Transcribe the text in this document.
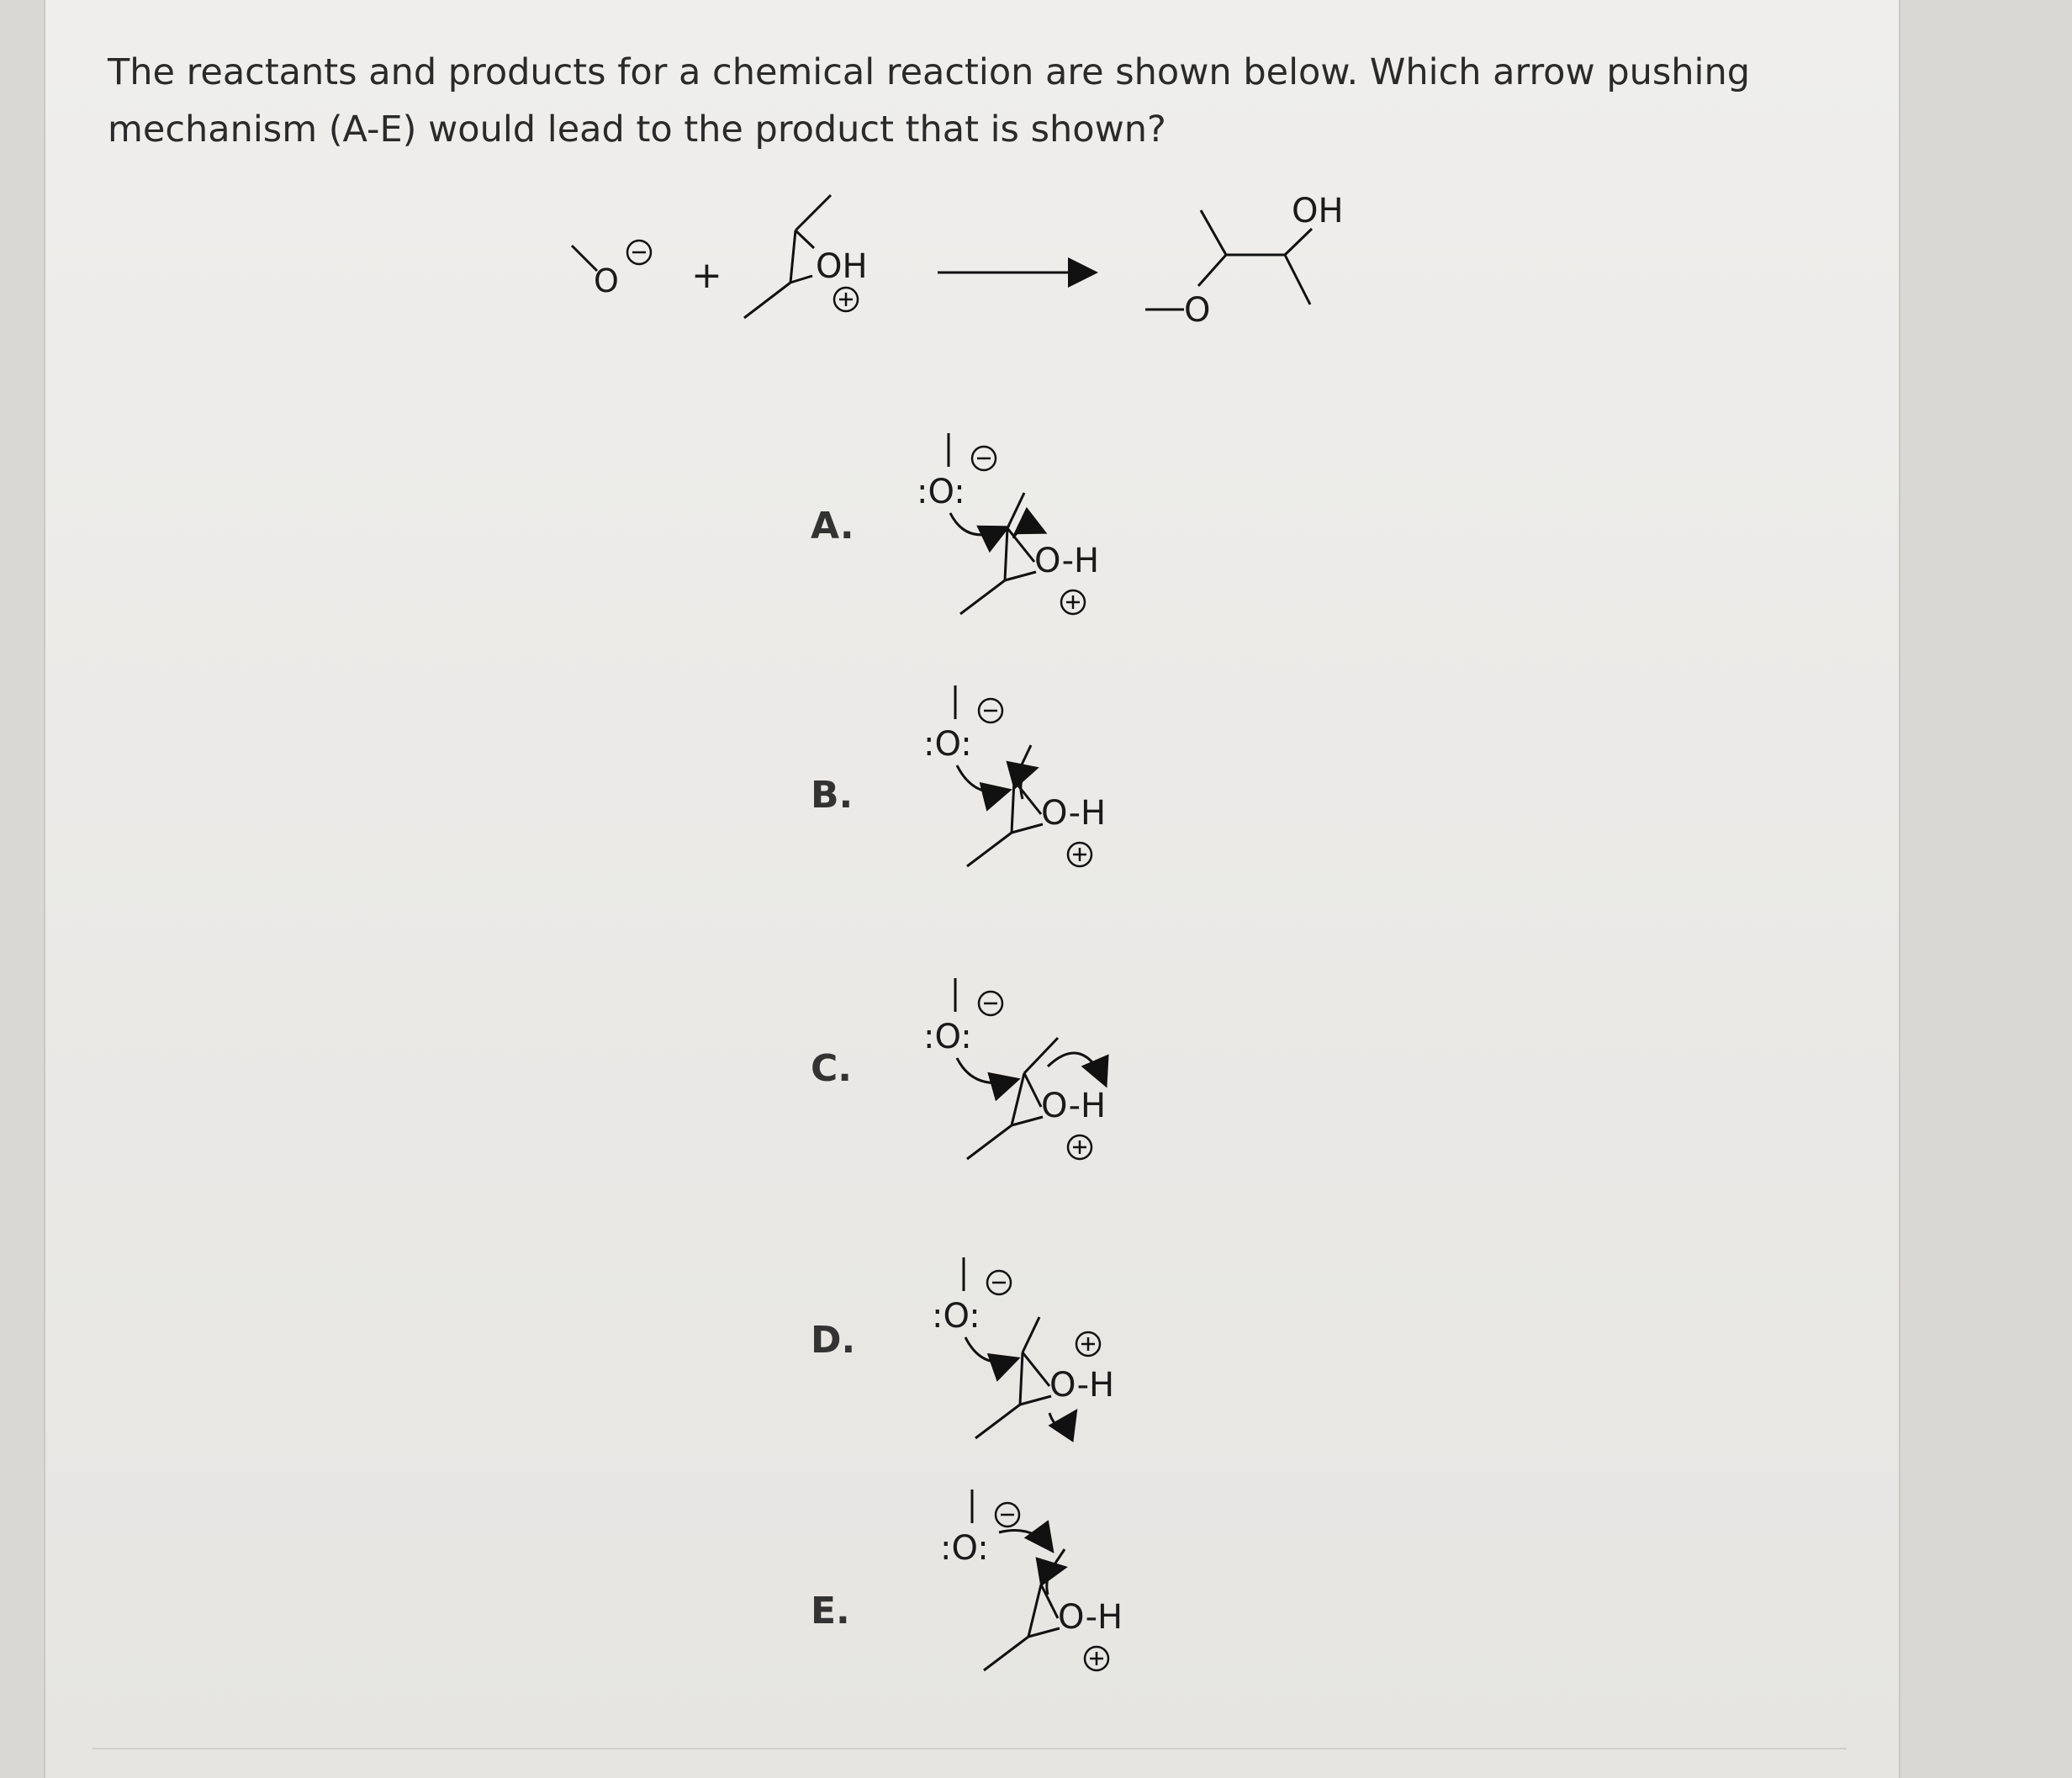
The reactants and products for a chemical reaction are shown below. Which arrow pushing mechanism (A-E) would lead to the product that is shown?
A.
B.
C.
D.
E.
O +	OH
O
OH
:O:
O-H
:O:
O-H
:O:
O-H
:O:
O-H
:O:
O-H
